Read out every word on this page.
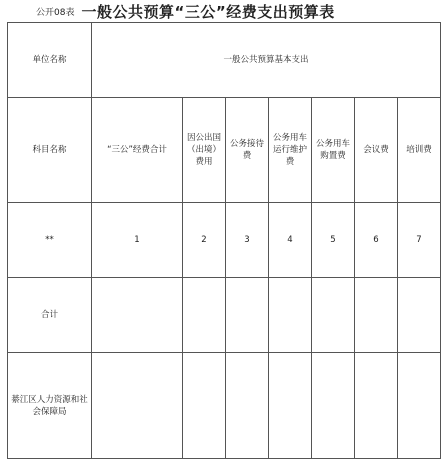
公开08表 一般公共预算“三公”经费支出预算表
单位名称	一般公共预算基本支出						
科目名称	“三公”经费合计	因公出国（出境）费用	公务接待费	公务用车运行维护费	公务用车购置费	会议费	培训费
**	1	2	3	4	5	6	7
合计							
綦江区人力资源和社会保障局							
